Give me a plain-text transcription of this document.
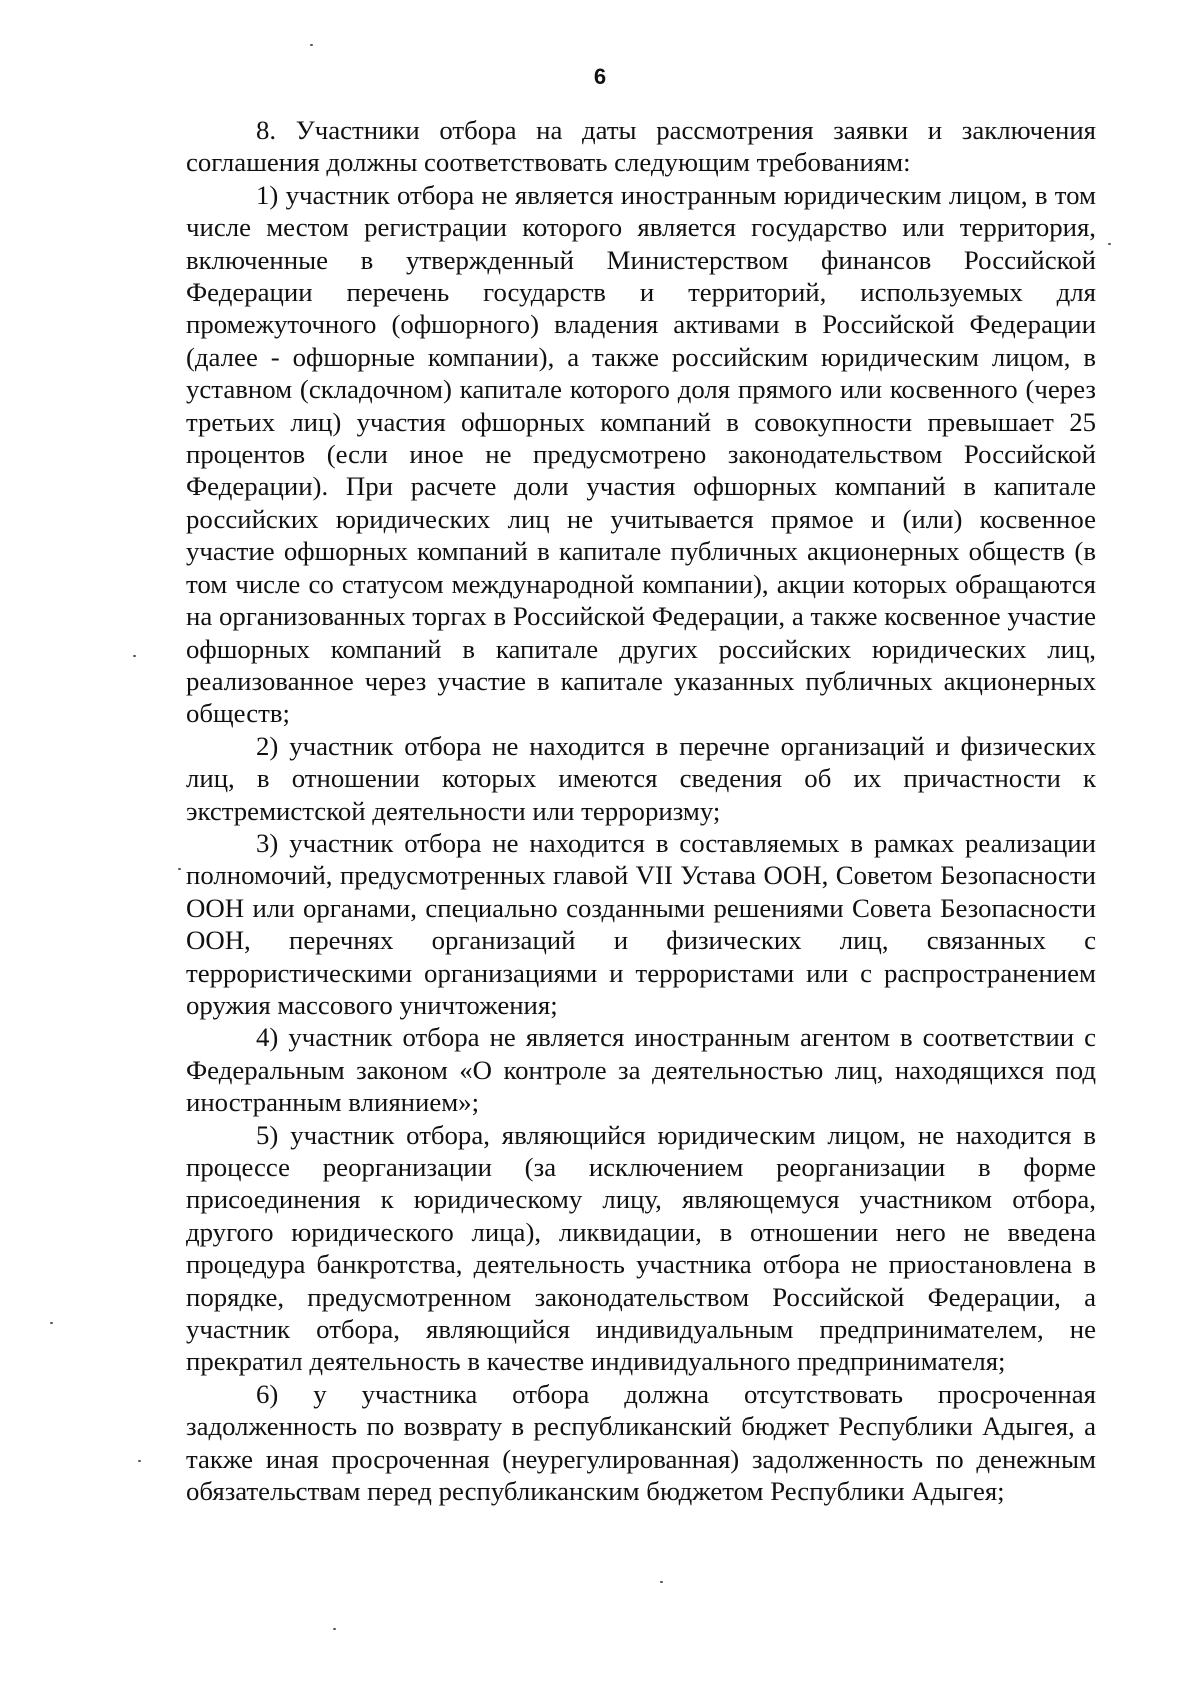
6

8. Участники отбора на даты рассмотрения заявки и заключения соглашения должны соответствовать следующим требованиям:

1) участник отбора не является иностранным юридическим лицом, в том числе местом регистрации которого является государство или территория, включенные в утвержденный Министерством финансов Российской Федерации перечень государств и территорий, используемых для промежуточного (офшорного) владения активами в Российской Федерации (далее - офшорные компании), а также российским юридическим лицом, в уставном (складочном) капитале которого доля прямого или косвенного (через третьих лиц) участия офшорных компаний в совокупности превышает 25 процентов (если иное не предусмотрено законодательством Российской Федерации). При расчете доли участия офшорных компаний в капитале российских юридических лиц не учитывается прямое и (или) косвенное участие офшорных компаний в капитале публичных акционерных обществ (в том числе со статусом международной компании), акции которых обращаются на организованных торгах в Российской Федерации, а также косвенное участие офшорных компаний в капитале других российских юридических лиц, реализованное через участие в капитале указанных публичных акционерных обществ;

2) участник отбора не находится в перечне организаций и физических лиц, в отношении которых имеются сведения об их причастности к экстремистской деятельности или терроризму;

3) участник отбора не находится в составляемых в рамках реализации полномочий, предусмотренных главой VII Устава ООН, Советом Безопасности ООН или органами, специально созданными решениями Совета Безопасности ООН, перечнях организаций и физических лиц, связанных с террористическими организациями и террористами или с распространением оружия массового уничтожения;

4) участник отбора не является иностранным агентом в соответствии с Федеральным законом «О контроле за деятельностью лиц, находящихся под иностранным влиянием»;

5) участник отбора, являющийся юридическим лицом, не находится в процессе реорганизации (за исключением реорганизации в форме присоединения к юридическому лицу, являющемуся участником отбора, другого юридического лица), ликвидации, в отношении него не введена процедура банкротства, деятельность участника отбора не приостановлена в порядке, предусмотренном законодательством Российской Федерации, а участник отбора, являющийся индивидуальным предпринимателем, не прекратил деятельность в качестве индивидуального предпринимателя;

6) у участника отбора должна отсутствовать просроченная задолженность по возврату в республиканский бюджет Республики Адыгея, а также иная просроченная (неурегулированная) задолженность по денежным обязательствам перед республиканским бюджетом Республики Адыгея;
